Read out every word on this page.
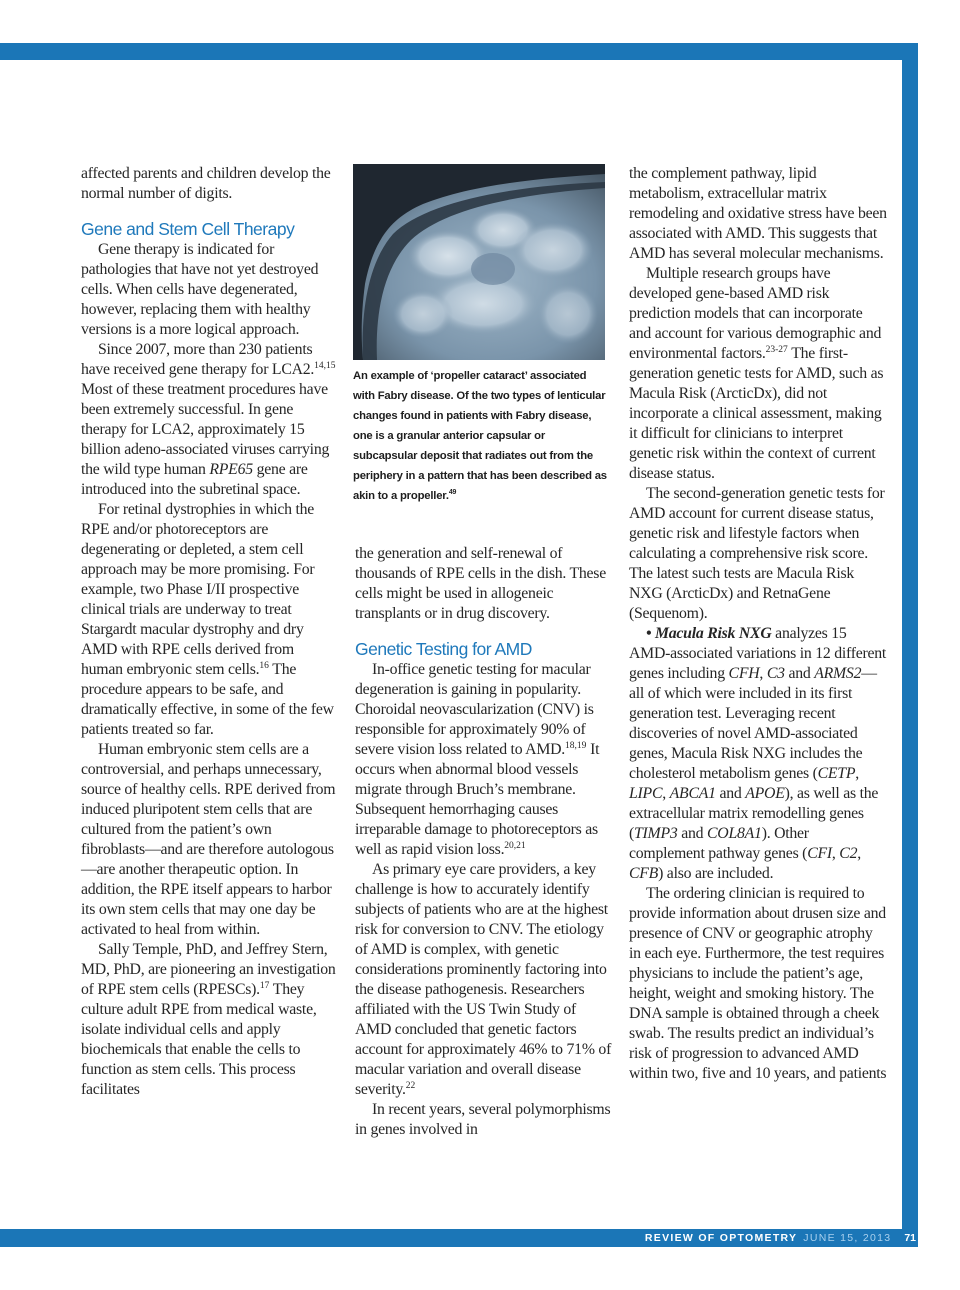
REVIEW OF OPTOMETRY JUNE 15, 2013 71

affected parents and children develop the normal number of digits.

Gene and Stem Cell Therapy

Gene therapy is indicated for pathologies that have not yet destroyed cells. When cells have degenerated, however, replacing them with healthy versions is a more logical approach.

Since 2007, more than 230 patients have received gene therapy for LCA2.$^{14,15}$ Most of these treatment procedures have been extremely successful. In gene therapy for LCA2, approximately 15 billion adeno-associated viruses carrying the wild type human RPE65 gene are introduced into the subretinal space.

For retinal dystrophies in which the RPE and/or photoreceptors are degenerating or depleted, a stem cell approach may be more promising. For example, two Phase I/II prospective clinical trials are underway to treat Stargardt macular dystrophy and dry AMD with RPE cells derived from human embryonic stem cells.$^{16}$ The procedure appears to be safe, and dramatically effective, in some of the few patients treated so far.

Human embryonic stem cells are a controversial, and perhaps unnecessary, source of healthy cells. RPE derived from induced pluripotent stem cells that are cultured from the patient’s own fibroblasts—and are therefore autologous—are another therapeutic option. In addition, the RPE itself appears to harbor its own stem cells that may one day be activated to heal from within.

Sally Temple, PhD, and Jeffrey Stern, MD, PhD, are pioneering an investigation of RPE stem cells (RPESCs).$^{17}$ They culture adult RPE from medical waste, isolate individual cells and apply biochemicals that enable the cells to function as stem cells. This process facilitates

An example of ‘propeller cataract’ associated with Fabry disease. Of the two types of lenticular changes found in patients with Fabry disease, one is a granular anterior capsular or subcapsular deposit that radiates out from the periphery in a pattern that has been described as akin to a propeller.$^{49}$

the generation and self-renewal of thousands of RPE cells in the dish. These cells might be used in allogeneic transplants or in drug discovery.

Genetic Testing for AMD

In-office genetic testing for macular degeneration is gaining in popularity. Choroidal neovascularization (CNV) is responsible for approximately 90% of severe vision loss related to AMD.$^{18,19}$ It occurs when abnormal blood vessels migrate through Bruch’s membrane. Subsequent hemorrhaging causes irreparable damage to photoreceptors as well as rapid vision loss.$^{20,21}$

As primary eye care providers, a key challenge is how to accurately identify subjects of patients who are at the highest risk for conversion to CNV. The etiology of AMD is complex, with genetic considerations prominently factoring into the disease pathogenesis. Researchers affiliated with the US Twin Study of AMD concluded that genetic factors account for approximately 46% to 71% of macular variation and overall disease severity.$^{22}$

In recent years, several polymorphisms in genes involved in

the complement pathway, lipid metabolism, extracellular matrix remodeling and oxidative stress have been associated with AMD. This suggests that AMD has several molecular mechanisms.

Multiple research groups have developed gene-based AMD risk prediction models that can incorporate and account for various demographic and environmental factors.$^{23-27}$ The first-generation genetic tests for AMD, such as Macula Risk (ArcticDx), did not incorporate a clinical assessment, making it difficult for clinicians to interpret genetic risk within the context of current disease status.

The second-generation genetic tests for AMD account for current disease status, genetic risk and lifestyle factors when calculating a comprehensive risk score. The latest such tests are Macula Risk NXG (ArcticDx) and RetnaGene (Sequenom).

• Macula Risk NXG analyzes 15 AMD-associated variations in 12 different genes including CFH, C3 and ARMS2—all of which were included in its first generation test. Leveraging recent discoveries of novel AMD-associated genes, Macula Risk NXG includes the cholesterol metabolism genes (CETP, LIPC, ABCA1 and APOE), as well as the extracellular matrix remodelling genes (TIMP3 and COL8A1). Other complement pathway genes (CFI, C2, CFB) also are included.

The ordering clinician is required to provide information about drusen size and presence of CNV or geographic atrophy in each eye. Furthermore, the test requires physicians to include the patient’s age, height, weight and smoking history. The DNA sample is obtained through a cheek swab. The results predict an individual’s risk of progression to advanced AMD within two, five and 10 years, and patients
